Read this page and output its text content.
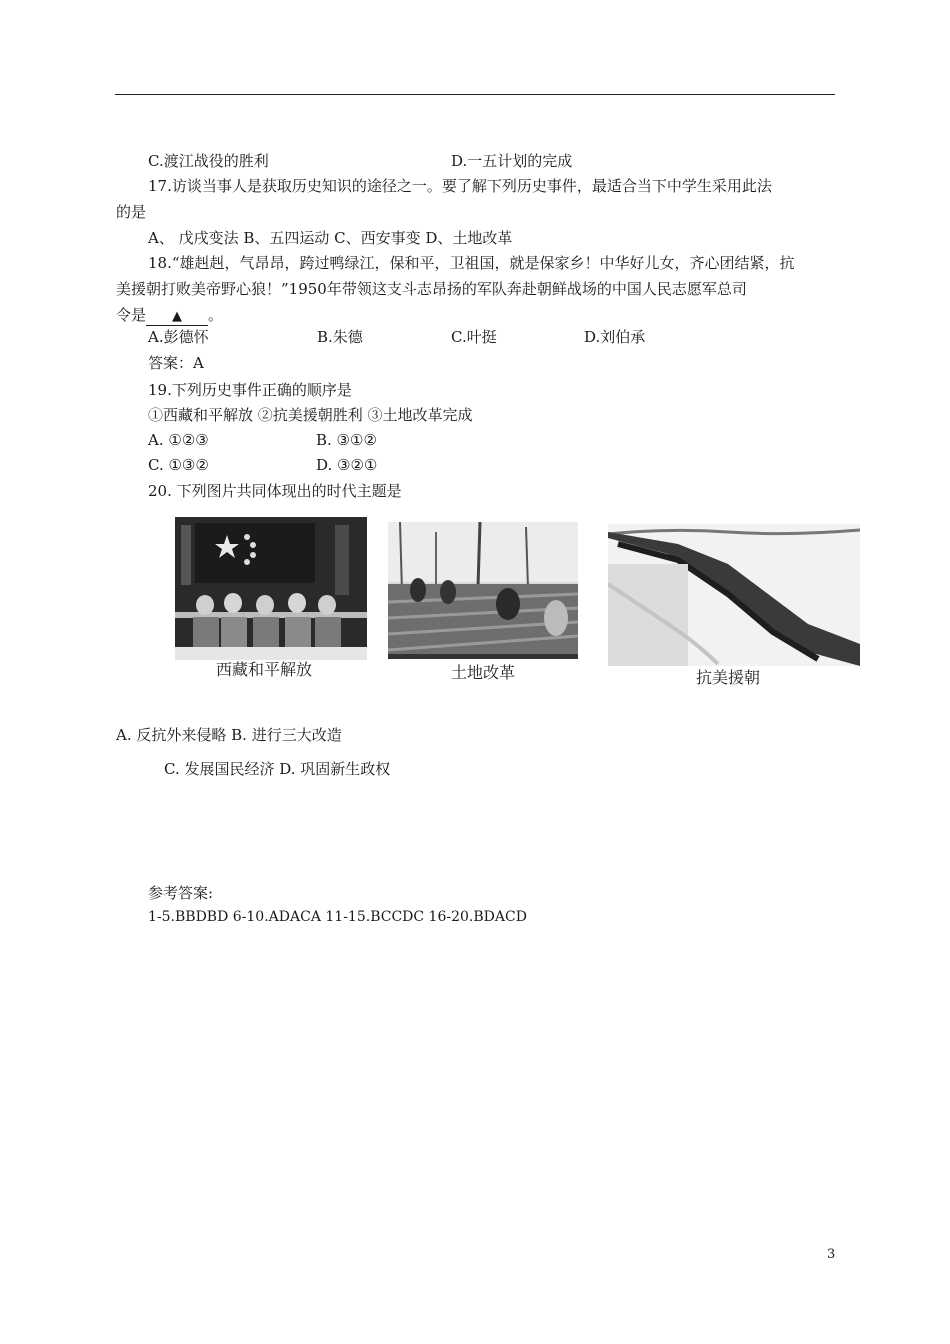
C.渡江战役的胜利	D.一五计划的完成
17.访谈当事人是获取历史知识的途径之一。要了解下列历史事件，最适合当下中学生采用此法
的是
A、 戊戌变法 B、五四运动 C、西安事变 D、土地改革
18.“雄赳赳，气昂昂，跨过鸭绿江，保和平，卫祖国，就是保家乡！中华好儿女，齐心团结紧，抗
美援朝打败美帝野心狼！”1950年带领这支斗志昂扬的军队奔赴朝鲜战场的中国人民志愿军总司
令是 ▲ 。
A.彭德怀	B.朱德	C.叶挺	D.刘伯承
答案：A
19.下列历史事件正确的顺序是
①西藏和平解放 ②抗美援朝胜利 ③土地改革完成
A. ①②③	B. ③①②
C. ①③②	D. ③②①
20. 下列图片共同体现出的时代主题是
西藏和平解放	土地改革	抗美援朝
A. 反抗外来侵略 B. 进行三大改造
C. 发展国民经济 D. 巩固新生政权
参考答案:
1-5.BBDBD 6-10.ADACA 11-15.BCCDC 16-20.BDACD
3
